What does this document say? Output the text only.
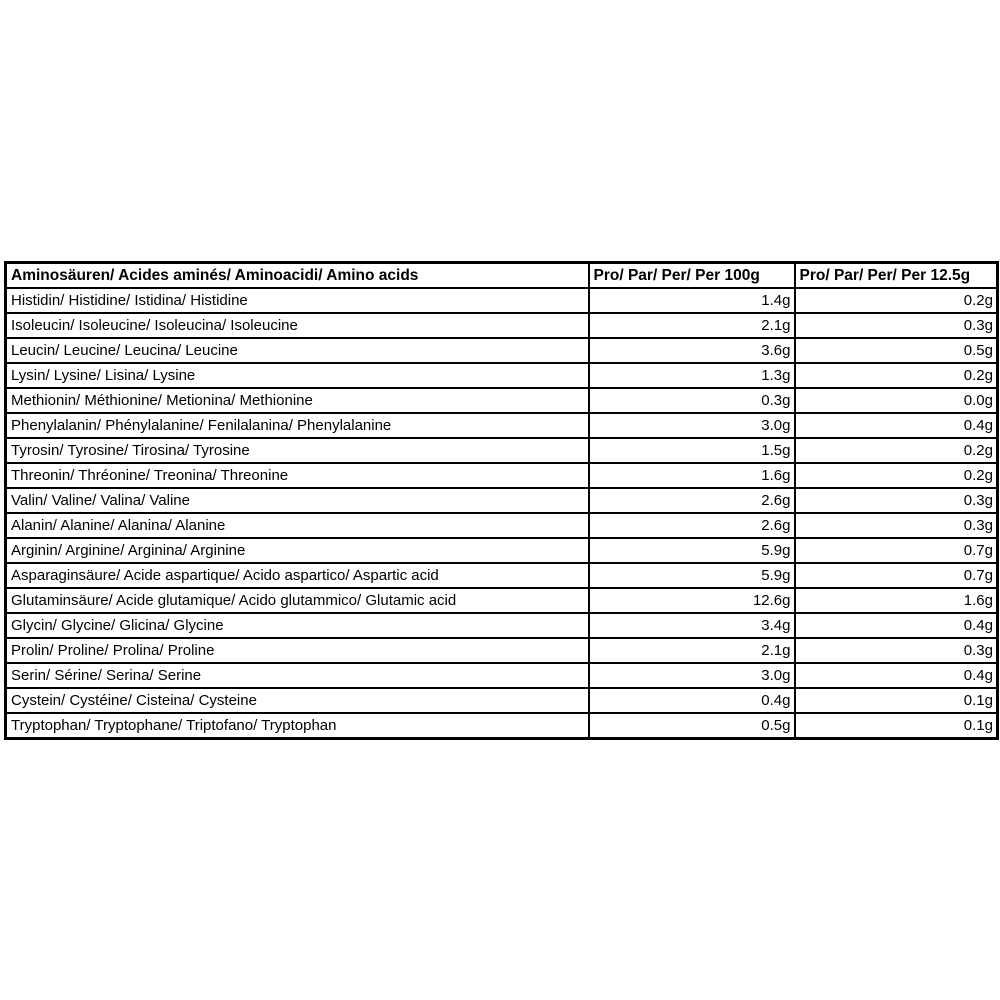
Aminosäuren/ Acides aminés/ Aminoacidi/ Amino acids	Pro/ Par/ Per/ Per 100g	Pro/ Par/ Per/ Per 12.5g
Histidin/ Histidine/ Istidina/ Histidine	1.4g	0.2g
Isoleucin/ Isoleucine/ Isoleucina/ Isoleucine	2.1g	0.3g
Leucin/ Leucine/ Leucina/ Leucine	3.6g	0.5g
Lysin/ Lysine/ Lisina/ Lysine	1.3g	0.2g
Methionin/ Méthionine/ Metionina/ Methionine	0.3g	0.0g
Phenylalanin/ Phénylalanine/ Fenilalanina/ Phenylalanine	3.0g	0.4g
Tyrosin/ Tyrosine/ Tirosina/ Tyrosine	1.5g	0.2g
Threonin/ Thréonine/ Treonina/ Threonine	1.6g	0.2g
Valin/ Valine/ Valina/ Valine	2.6g	0.3g
Alanin/ Alanine/ Alanina/ Alanine	2.6g	0.3g
Arginin/ Arginine/ Arginina/ Arginine	5.9g	0.7g
Asparaginsäure/ Acide aspartique/ Acido aspartico/ Aspartic acid	5.9g	0.7g
Glutaminsäure/ Acide glutamique/ Acido glutammico/ Glutamic acid	12.6g	1.6g
Glycin/ Glycine/ Glicina/ Glycine	3.4g	0.4g
Prolin/ Proline/ Prolina/ Proline	2.1g	0.3g
Serin/ Sérine/ Serina/ Serine	3.0g	0.4g
Cystein/ Cystéine/ Cisteina/ Cysteine	0.4g	0.1g
Tryptophan/ Tryptophane/ Triptofano/ Tryptophan	0.5g	0.1g
